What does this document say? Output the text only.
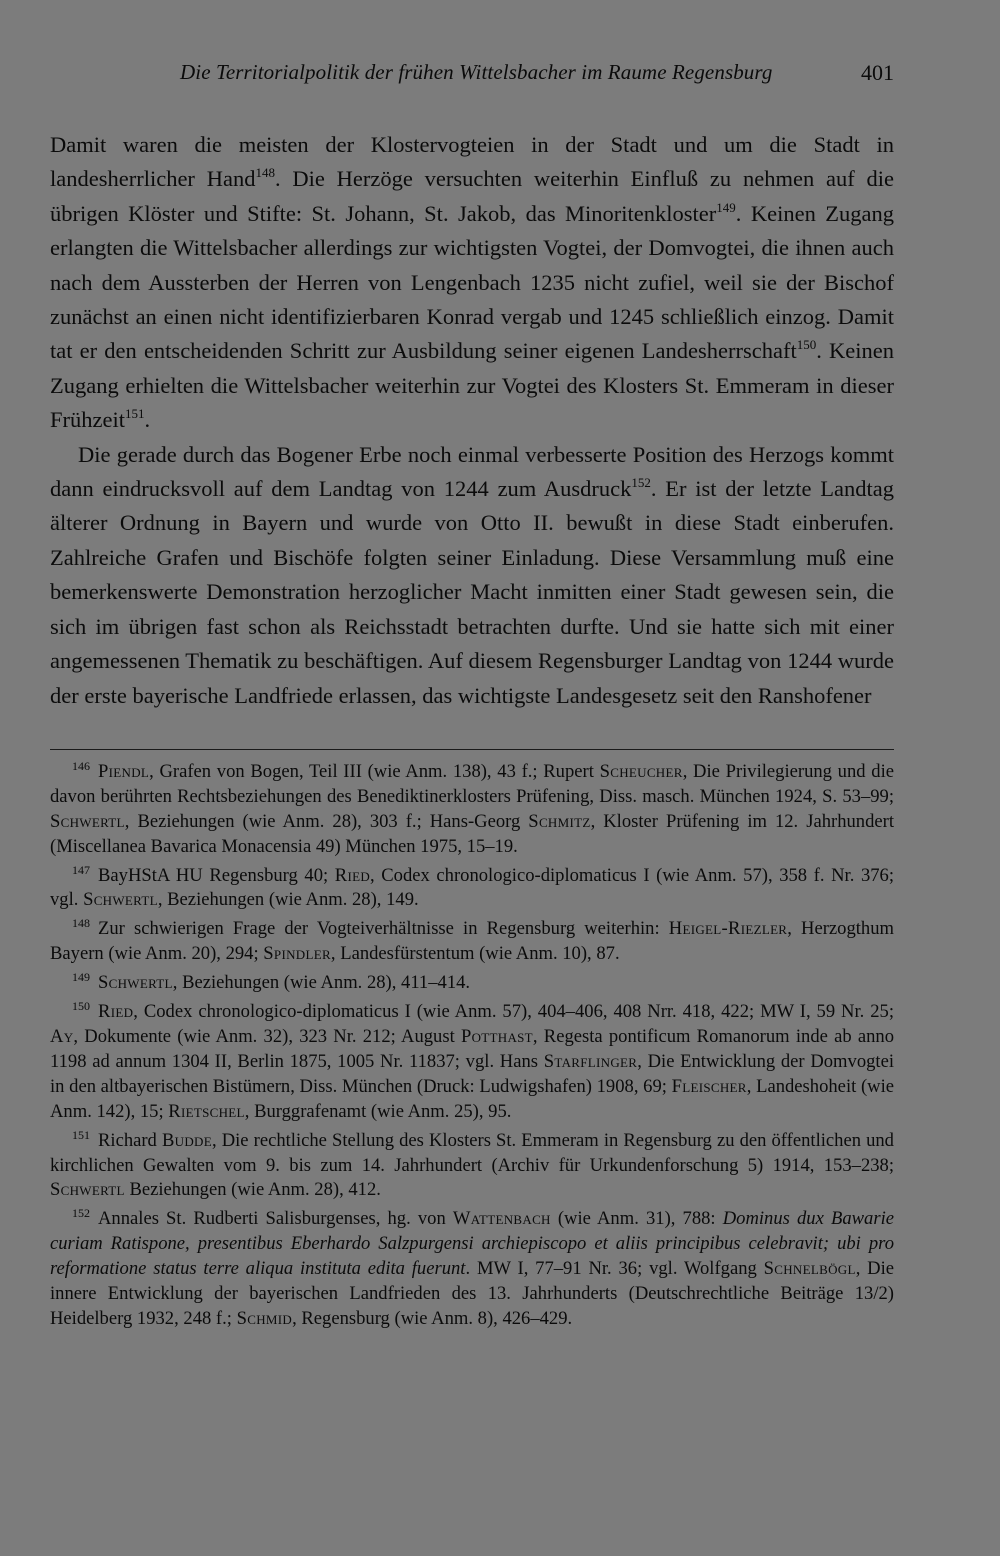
Die Territorialpolitik der frühen Wittelsbacher im Raume Regensburg	401

Damit waren die meisten der Klostervogteien in der Stadt und um die Stadt in landesherrlicher Hand$^{148}$. Die Herzöge versuchten weiterhin Einfluß zu nehmen auf die übrigen Klöster und Stifte: St. Johann, St. Jakob, das Minoritenkloster$^{149}$. Keinen Zugang erlangten die Wittelsbacher allerdings zur wichtigsten Vogtei, der Domvogtei, die ihnen auch nach dem Aussterben der Herren von Lengenbach 1235 nicht zufiel, weil sie der Bischof zunächst an einen nicht identifizierbaren Konrad vergab und 1245 schließlich einzog. Damit tat er den entscheidenden Schritt zur Ausbildung seiner eigenen Landesherrschaft$^{150}$. Keinen Zugang erhielten die Wittelsbacher weiterhin zur Vogtei des Klosters St. Emmeram in dieser Frühzeit$^{151}$.

Die gerade durch das Bogener Erbe noch einmal verbesserte Position des Herzogs kommt dann eindrucksvoll auf dem Landtag von 1244 zum Ausdruck$^{152}$. Er ist der letzte Landtag älterer Ordnung in Bayern und wurde von Otto II. bewußt in diese Stadt einberufen. Zahlreiche Grafen und Bischöfe folgten seiner Einladung. Diese Versammlung muß eine bemerkenswerte Demonstration herzoglicher Macht inmitten einer Stadt gewesen sein, die sich im übrigen fast schon als Reichsstadt betrachten durfte. Und sie hatte sich mit einer angemessenen Thematik zu beschäftigen. Auf diesem Regensburger Landtag von 1244 wurde der erste bayerische Landfriede erlassen, das wichtigste Landesgesetz seit den Ranshofener

$^{146}$ Piendl, Grafen von Bogen, Teil III (wie Anm. 138), 43 f.; Rupert Scheucher, Die Privilegierung und die davon berührten Rechtsbeziehungen des Benediktinerklosters Prüfening, Diss. masch. München 1924, S. 53–99; Schwertl, Beziehungen (wie Anm. 28), 303 f.; Hans-Georg Schmitz, Kloster Prüfening im 12. Jahrhundert (Miscellanea Bavarica Monacensia 49) München 1975, 15–19.

$^{147}$ BayHStA HU Regensburg 40; Ried, Codex chronologico-diplomaticus I (wie Anm. 57), 358 f. Nr. 376; vgl. Schwertl, Beziehungen (wie Anm. 28), 149.

$^{148}$ Zur schwierigen Frage der Vogteiverhältnisse in Regensburg weiterhin: Heigel-Riezler, Herzogthum Bayern (wie Anm. 20), 294; Spindler, Landesfürstentum (wie Anm. 10), 87.

$^{149}$ Schwertl, Beziehungen (wie Anm. 28), 411–414.

$^{150}$ Ried, Codex chronologico-diplomaticus I (wie Anm. 57), 404–406, 408 Nrr. 418, 422; MW I, 59 Nr. 25; Ay, Dokumente (wie Anm. 32), 323 Nr. 212; August Potthast, Regesta pontificum Romanorum inde ab anno 1198 ad annum 1304 II, Berlin 1875, 1005 Nr. 11837; vgl. Hans Starflinger, Die Entwicklung der Domvogtei in den altbayerischen Bistümern, Diss. München (Druck: Ludwigshafen) 1908, 69; Fleischer, Landeshoheit (wie Anm. 142), 15; Rietschel, Burggrafenamt (wie Anm. 25), 95.

$^{151}$ Richard Budde, Die rechtliche Stellung des Klosters St. Emmeram in Regensburg zu den öffentlichen und kirchlichen Gewalten vom 9. bis zum 14. Jahrhundert (Archiv für Urkundenforschung 5) 1914, 153–238; Schwertl Beziehungen (wie Anm. 28), 412.

$^{152}$ Annales St. Rudberti Salisburgenses, hg. von Wattenbach (wie Anm. 31), 788: Dominus dux Bawarie curiam Ratispone, presentibus Eberhardo Salzpurgensi archiepiscopo et aliis principibus celebravit; ubi pro reformatione status terre aliqua instituta edita fuerunt. MW I, 77–91 Nr. 36; vgl. Wolfgang Schnelbögl, Die innere Entwicklung der bayerischen Landfrieden des 13. Jahrhunderts (Deutschrechtliche Beiträge 13/2) Heidelberg 1932, 248 f.; Schmid, Regensburg (wie Anm. 8), 426–429.
